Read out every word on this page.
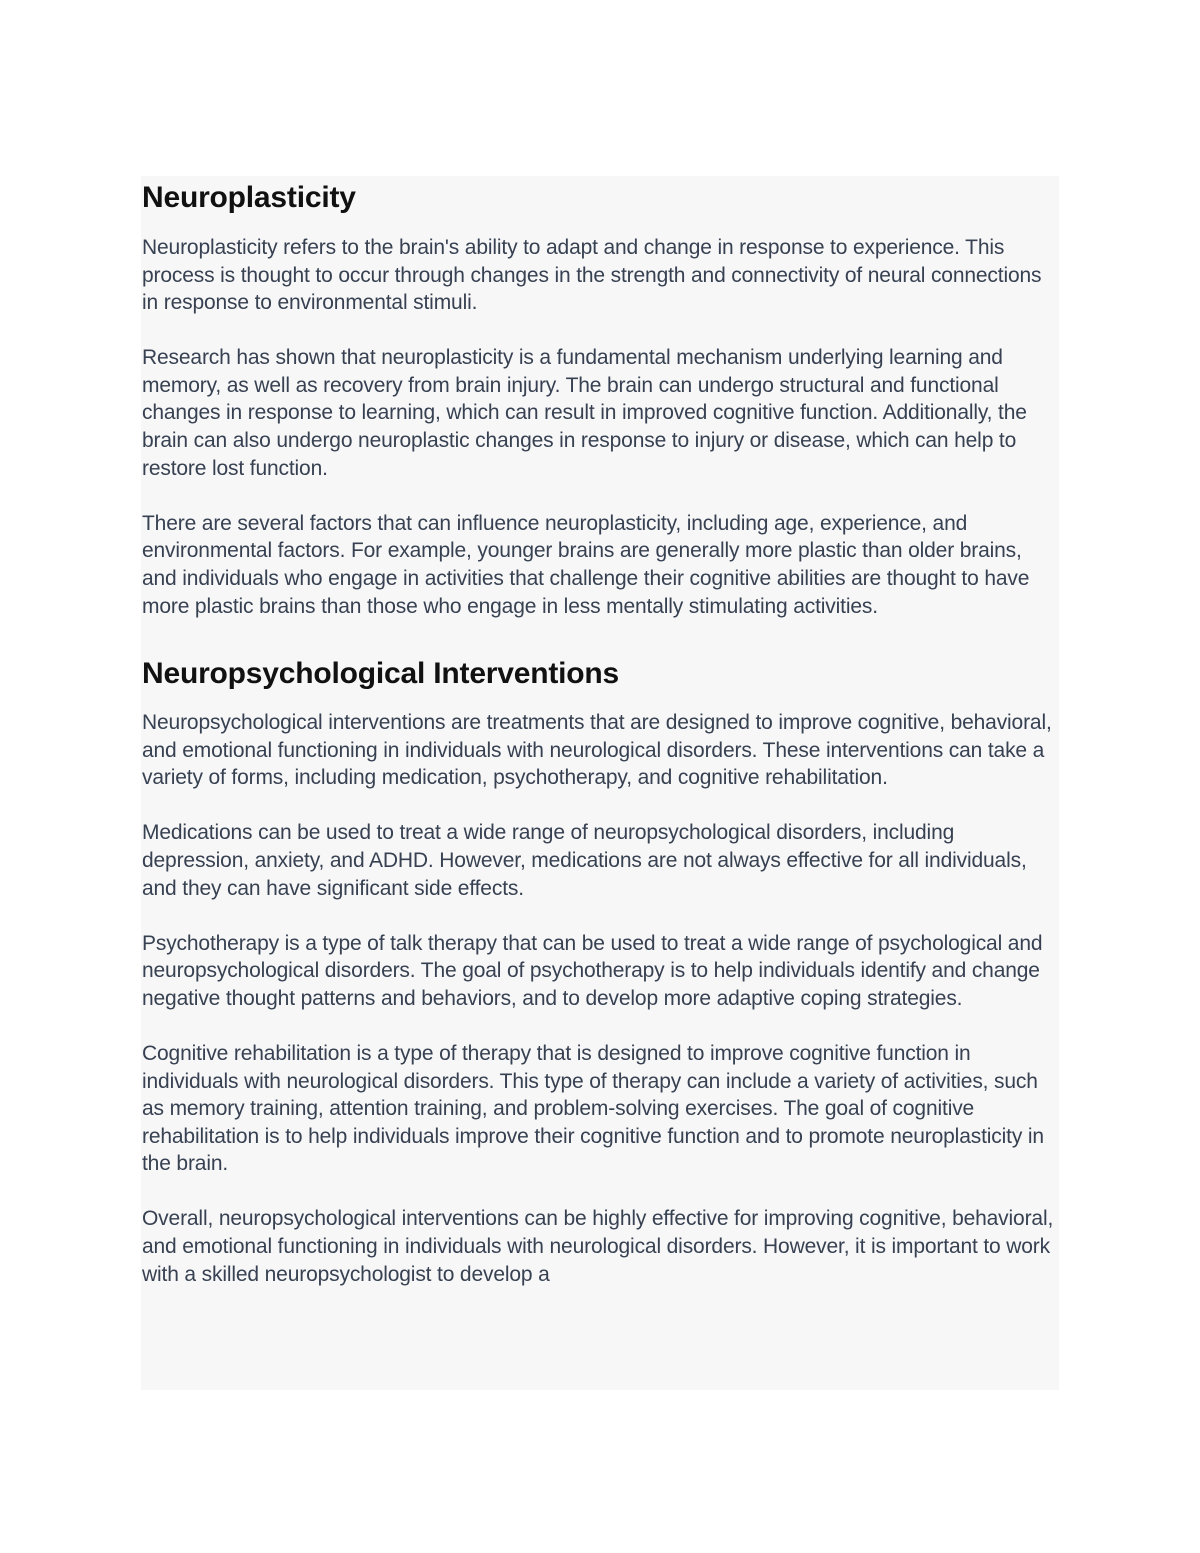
Neuroplasticity

Neuroplasticity refers to the brain's ability to adapt and change in response to experience. This process is thought to occur through changes in the strength and connectivity of neural connections in response to environmental stimuli.

Research has shown that neuroplasticity is a fundamental mechanism underlying learning and memory, as well as recovery from brain injury. The brain can undergo structural and functional changes in response to learning, which can result in improved cognitive function. Additionally, the brain can also undergo neuroplastic changes in response to injury or disease, which can help to restore lost function.

There are several factors that can influence neuroplasticity, including age, experience, and environmental factors. For example, younger brains are generally more plastic than older brains, and individuals who engage in activities that challenge their cognitive abilities are thought to have more plastic brains than those who engage in less mentally stimulating activities.

Neuropsychological Interventions

Neuropsychological interventions are treatments that are designed to improve cognitive, behavioral, and emotional functioning in individuals with neurological disorders. These interventions can take a variety of forms, including medication, psychotherapy, and cognitive rehabilitation.

Medications can be used to treat a wide range of neuropsychological disorders, including depression, anxiety, and ADHD. However, medications are not always effective for all individuals, and they can have significant side effects.

Psychotherapy is a type of talk therapy that can be used to treat a wide range of psychological and neuropsychological disorders. The goal of psychotherapy is to help individuals identify and change negative thought patterns and behaviors, and to develop more adaptive coping strategies.

Cognitive rehabilitation is a type of therapy that is designed to improve cognitive function in individuals with neurological disorders. This type of therapy can include a variety of activities, such as memory training, attention training, and problem-solving exercises. The goal of cognitive rehabilitation is to help individuals improve their cognitive function and to promote neuroplasticity in the brain.

Overall, neuropsychological interventions can be highly effective for improving cognitive, behavioral, and emotional functioning in individuals with neurological disorders. However, it is important to work with a skilled neuropsychologist to develop a
